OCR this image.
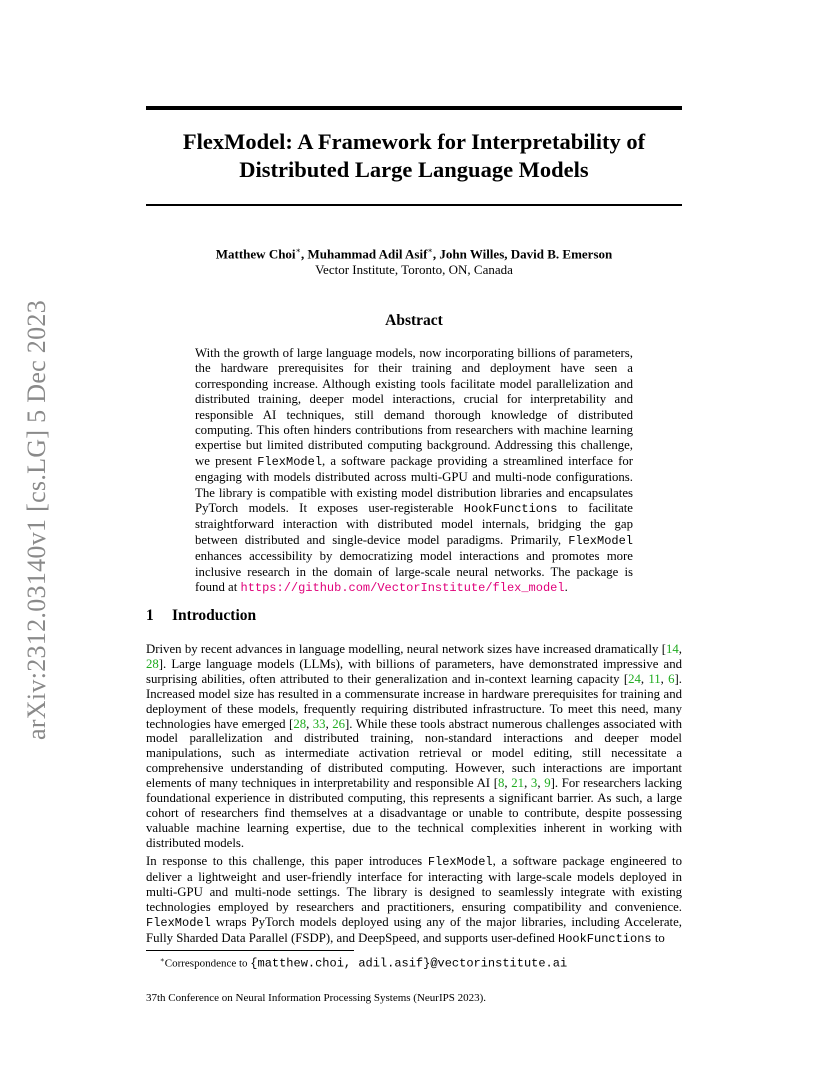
arXiv:2312.03140v1 [cs.LG] 5 Dec 2023
FlexModel: A Framework for Interpretability of
Distributed Large Language Models
Matthew Choi∗, Muhammad Adil Asif∗, John Willes, David B. Emerson
Vector Institute, Toronto, ON, Canada
Abstract

With the growth of large language models, now incorporating billions of parameters, the hardware prerequisites for their training and deployment have seen a corresponding increase. Although existing tools facilitate model parallelization and distributed training, deeper model interactions, crucial for interpretability and responsible AI techniques, still demand thorough knowledge of distributed computing. This often hinders contributions from researchers with machine learning expertise but limited distributed computing background. Addressing this challenge, we present FlexModel, a software package providing a streamlined interface for engaging with models distributed across multi-GPU and multi-node configurations. The library is compatible with existing model distribution libraries and encapsulates PyTorch models. It exposes user-registerable HookFunctions to facilitate straightforward interaction with distributed model internals, bridging the gap between distributed and single-device model paradigms. Primarily, FlexModel enhances accessibility by democratizing model interactions and promotes more inclusive research in the domain of large-scale neural networks. The package is found at https://github.com/VectorInstitute/flex_model.

1 Introduction

Driven by recent advances in language modelling, neural network sizes have increased dramatically [14, 28]. Large language models (LLMs), with billions of parameters, have demonstrated impressive and surprising abilities, often attributed to their generalization and in-context learning capacity [24, 11, 6]. Increased model size has resulted in a commensurate increase in hardware prerequisites for training and deployment of these models, frequently requiring distributed infrastructure. To meet this need, many technologies have emerged [28, 33, 26]. While these tools abstract numerous challenges associated with model parallelization and distributed training, non-standard interactions and deeper model manipulations, such as intermediate activation retrieval or model editing, still necessitate a comprehensive understanding of distributed computing. However, such interactions are important elements of many techniques in interpretability and responsible AI [8, 21, 3, 9]. For researchers lacking foundational experience in distributed computing, this represents a significant barrier. As such, a large cohort of researchers find themselves at a disadvantage or unable to contribute, despite possessing valuable machine learning expertise, due to the technical complexities inherent in working with distributed models.

In response to this challenge, this paper introduces FlexModel, a software package engineered to deliver a lightweight and user-friendly interface for interacting with large-scale models deployed in multi-GPU and multi-node settings. The library is designed to seamlessly integrate with existing technologies employed by researchers and practitioners, ensuring compatibility and convenience. FlexModel wraps PyTorch models deployed using any of the major libraries, including Accelerate, Fully Sharded Data Parallel (FSDP), and DeepSpeed, and supports user-defined HookFunctions to

∗Correspondence to {matthew.choi, adil.asif}@vectorinstitute.ai
37th Conference on Neural Information Processing Systems (NeurIPS 2023).
